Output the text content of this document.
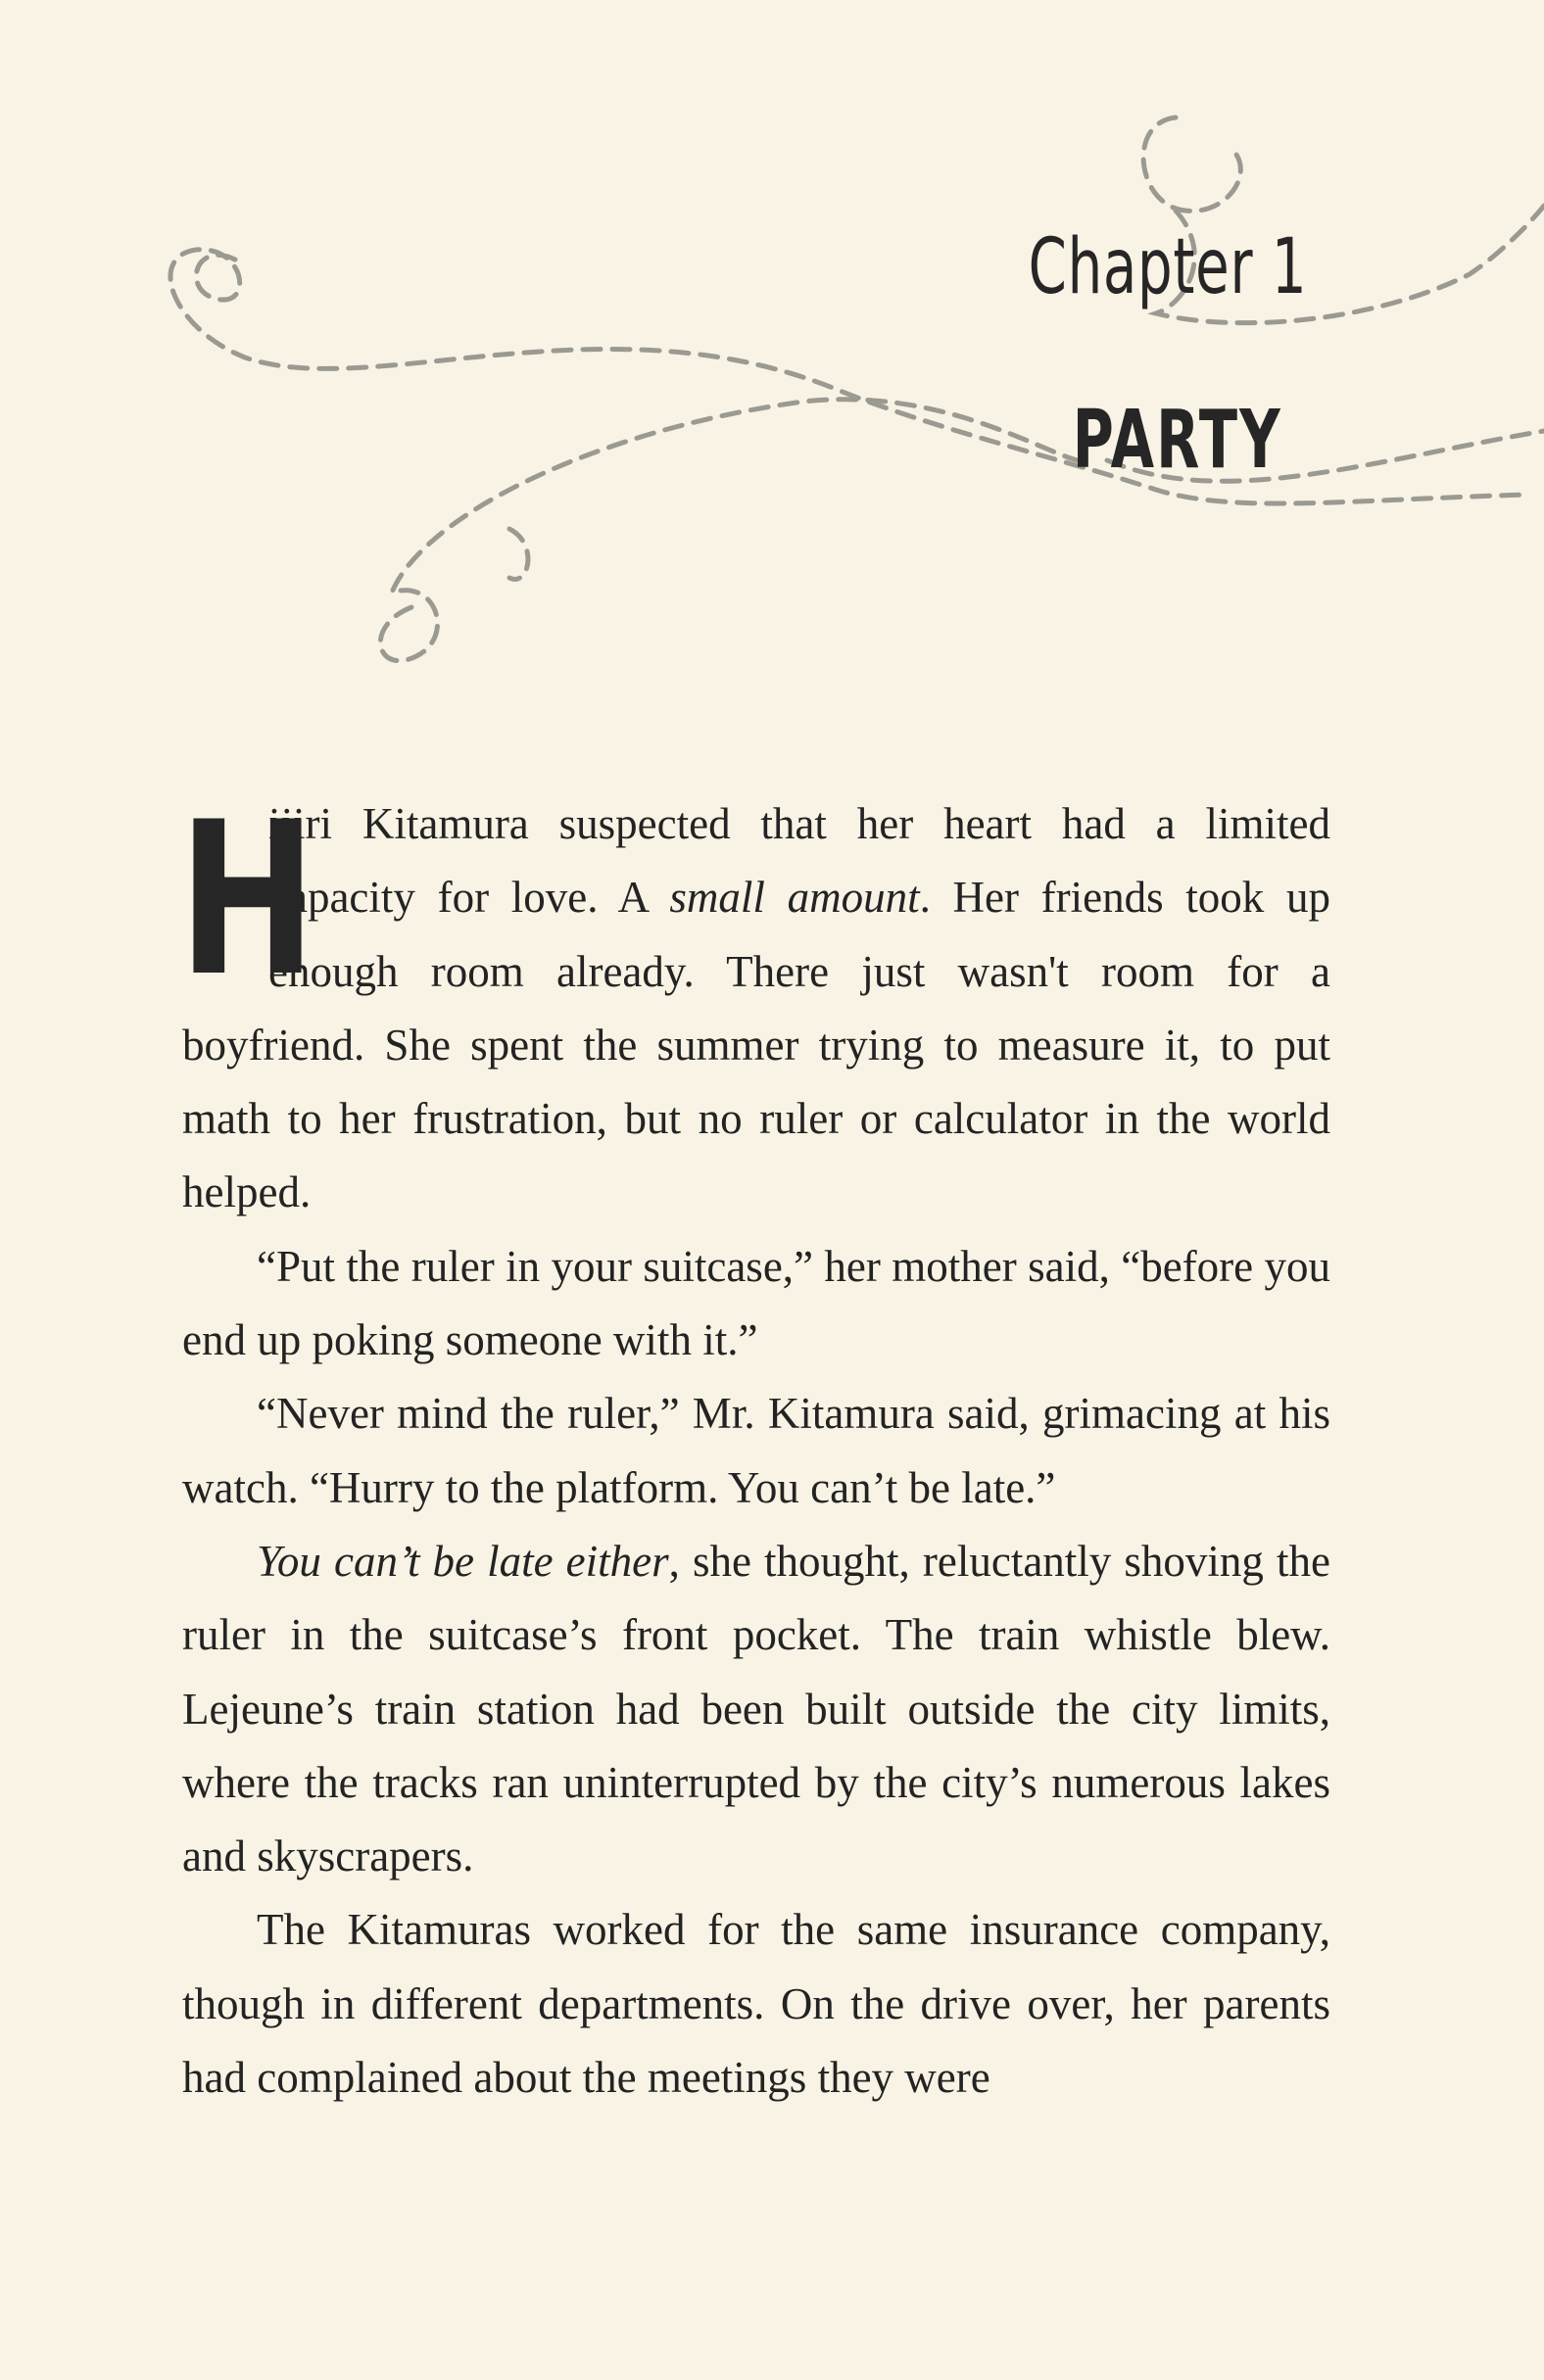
Chapter 1
PARTY

H
ijiri Kitamura suspected that her heart had a limited capacity for love. A small amount. Her friends took up enough room already. There just wasn't room for a boyfriend. She spent the summer trying to measure it, to put math to her frustration, but no ruler or calculator in the world helped.

“Put the ruler in your suitcase,” her mother said, “before you end up poking someone with it.”

“Never mind the ruler,” Mr. Kitamura said, grimacing at his watch. “Hurry to the platform. You can’t be late.”

You can’t be late either, she thought, reluctantly shoving the ruler in the suitcase’s front pocket. The train whistle blew. Lejeune’s train station had been built outside the city limits, where the tracks ran uninterrupted by the city’s numerous lakes and skyscrapers.

The Kitamuras worked for the same insurance company, though in different departments. On the drive over, her parents had complained about the meetings they were
